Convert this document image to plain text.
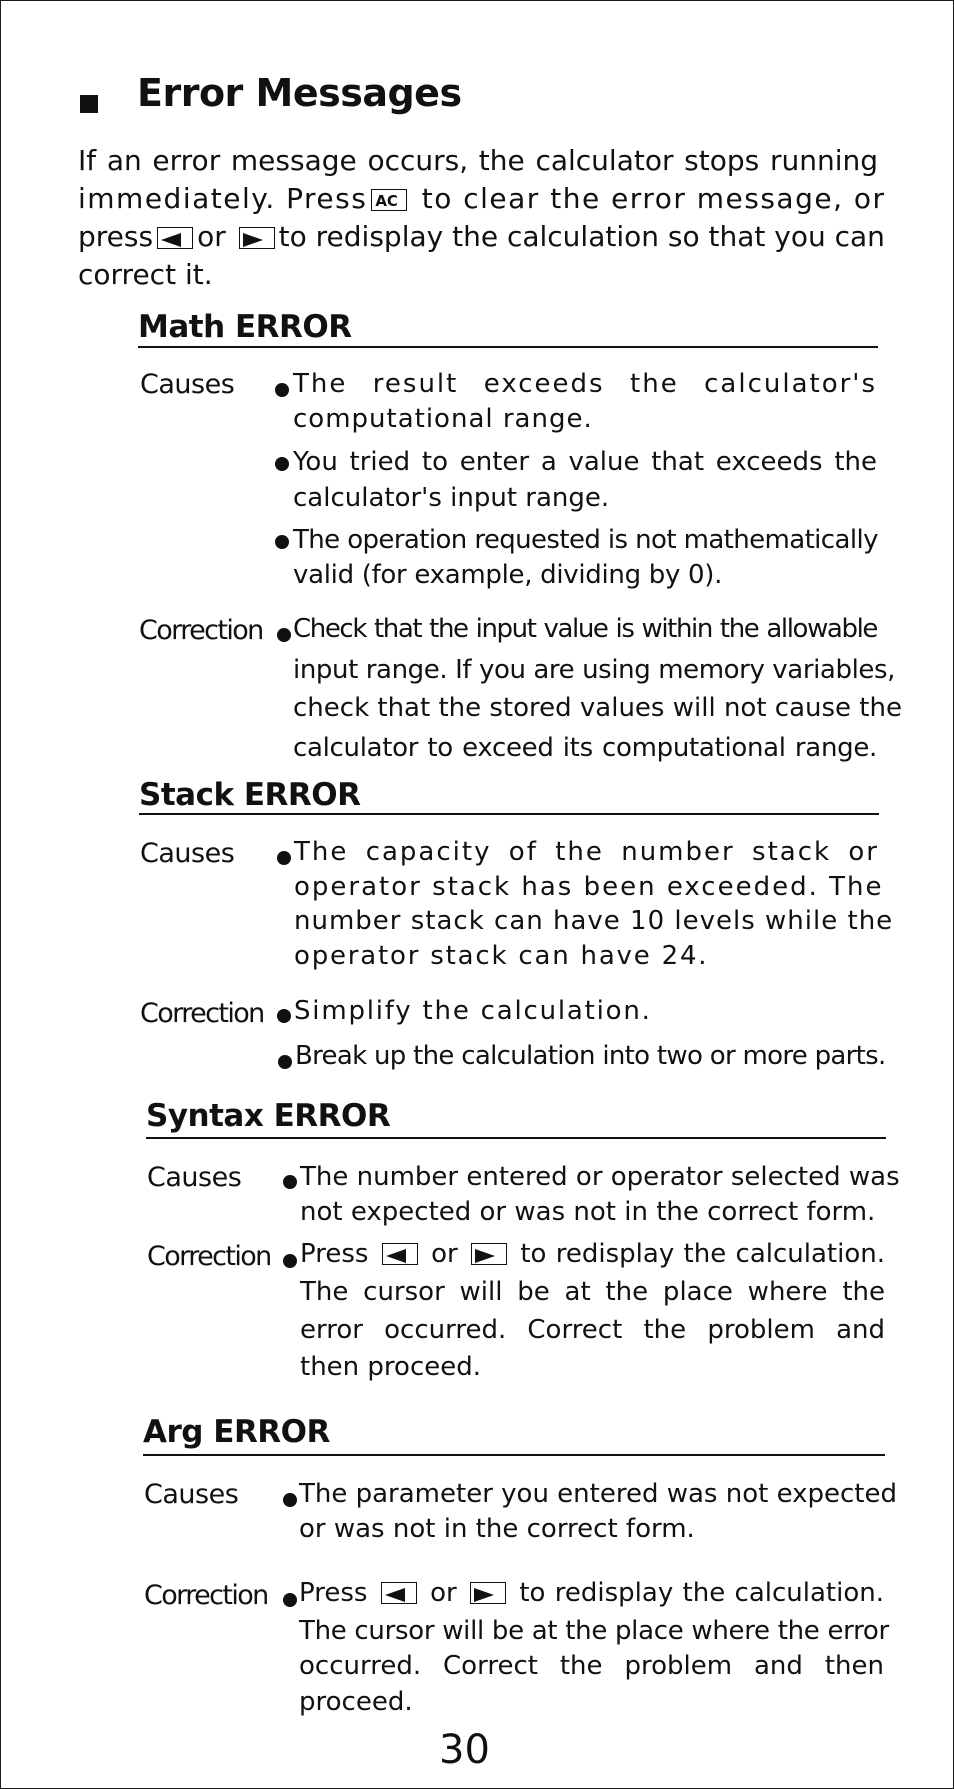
Error Messages
If an error message occurs, the calculator stops running
immediately. Press AC to clear the error message, or
press or to redisplay the calculation so that you can
correct it.
Math ERROR
Causes The result exceeds the calculator's
computational range.
You tried to enter a value that exceeds the
calculator's input range.
The operation requested is not mathematically
valid (for example, dividing by 0).
Correction Check that the input value is within the allowable
input range. If you are using memory variables,
check that the stored values will not cause the
calculator to exceed its computational range.
Stack ERROR
Causes The capacity of the number stack or
operator stack has been exceeded. The
number stack can have 10 levels while the
operator stack can have 24.
Correction Simplify the calculation.
Break up the calculation into two or more parts.
Syntax ERROR
Causes The number entered or operator selected was
not expected or was not in the correct form.
Correction Press or to redisplay the calculation.
The cursor will be at the place where the
error occurred. Correct the problem and
then proceed.
Arg ERROR
Causes The parameter you entered was not expected
or was not in the correct form.
Correction Press or to redisplay the calculation.
The cursor will be at the place where the error
occurred. Correct the problem and then
proceed.
30
